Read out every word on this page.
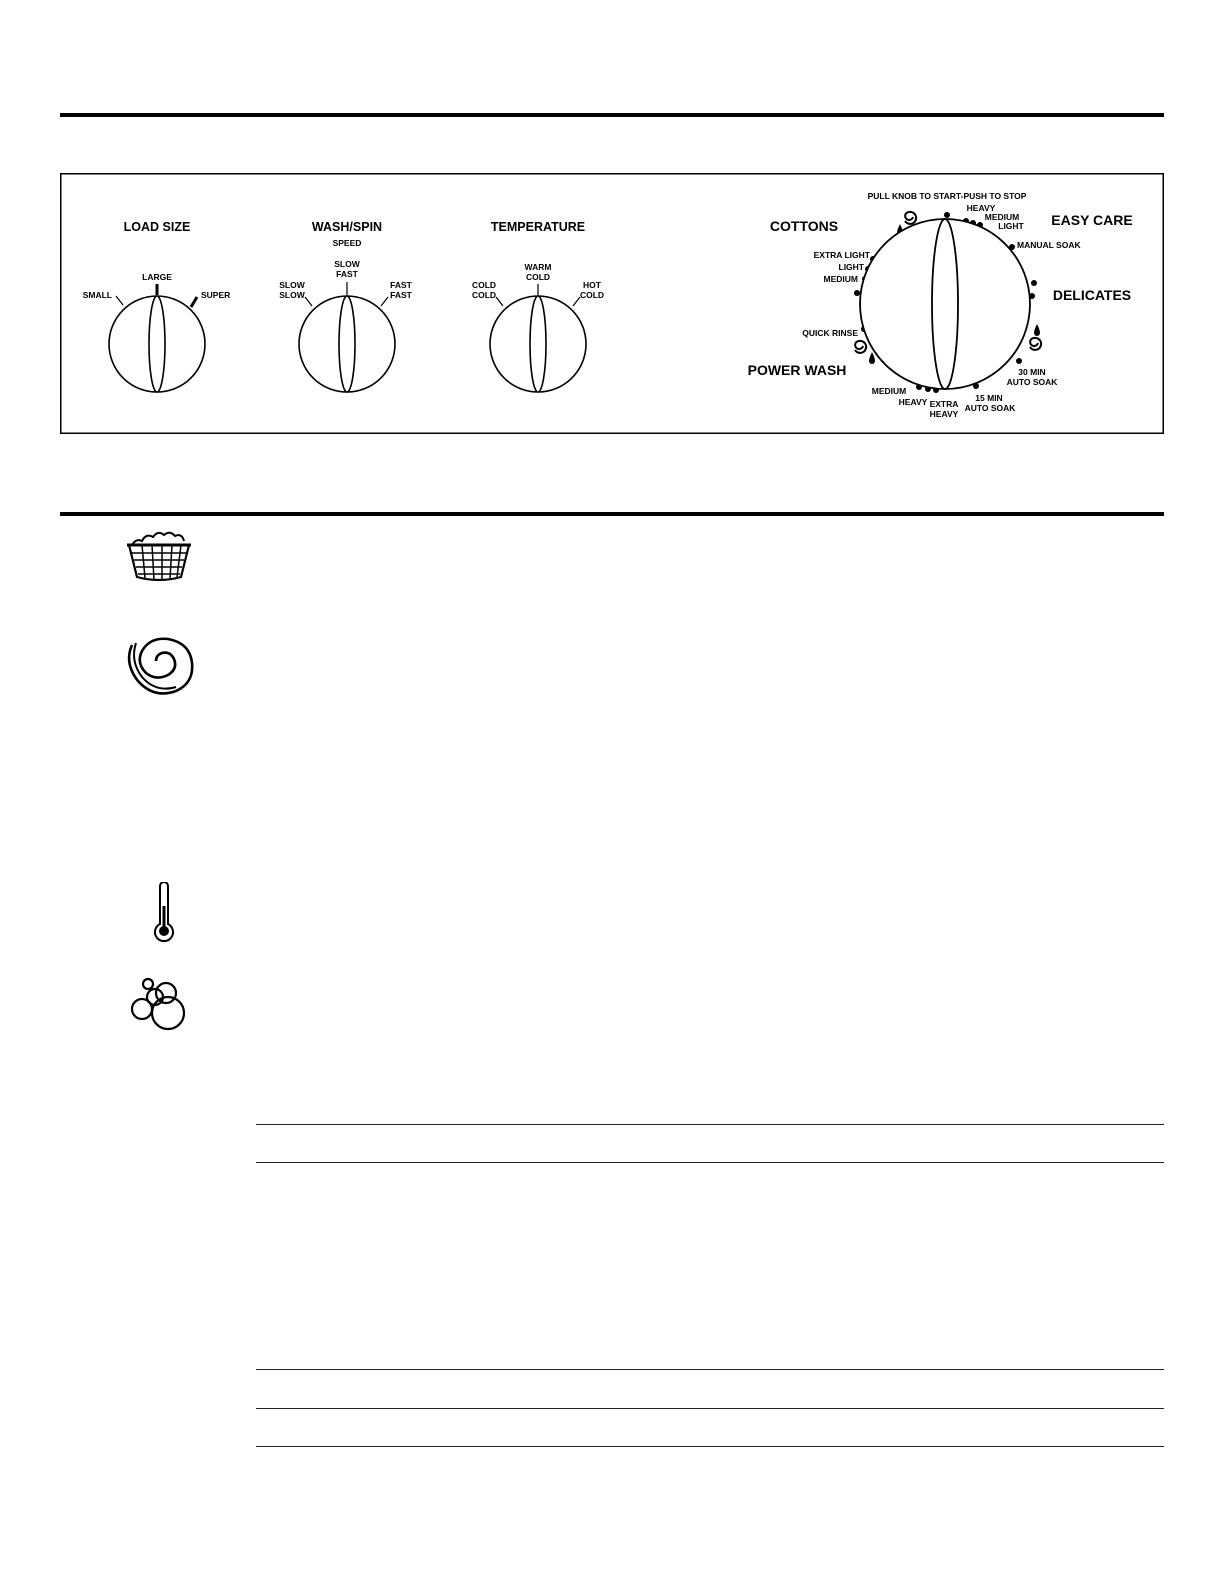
LOAD SIZE
LARGE
SMALL	SUPER
WASH/SPIN
SPEED
SLOW
FAST
SLOW
SLOW
FAST
FAST
TEMPERATURE
WARM
COLD
COLD
COLD
HOT
COLD
PULL KNOB TO START-PUSH TO STOP
COTTONS	EASY CARE
DELICATES
POWER WASH
HEAVY
MEDIUM
LIGHT
MANUAL SOAK
EXTRA LIGHT
LIGHT
MEDIUM
QUICK RINSE
30 MIN
AUTO SOAK
15 MIN
AUTO SOAK
MEDIUM
HEAVY EXTRA
HEAVY
